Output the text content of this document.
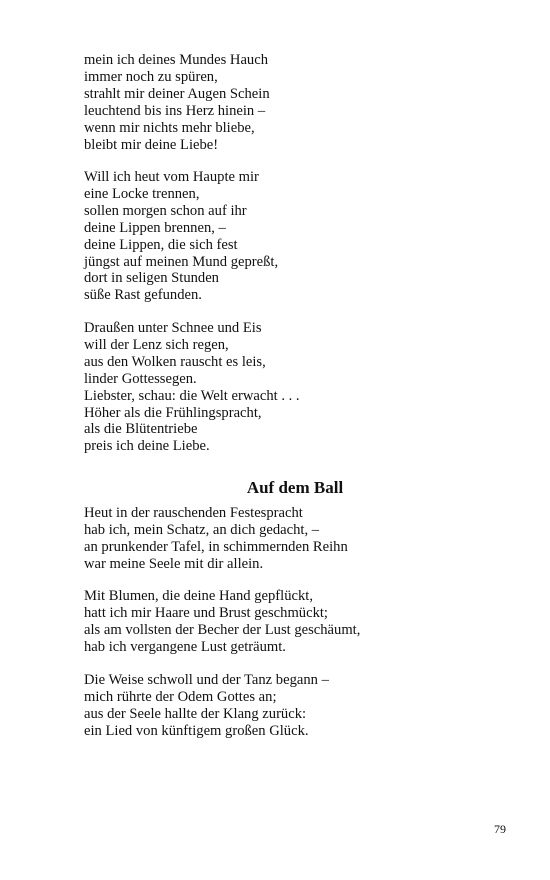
mein ich deines Mundes Hauch
immer noch zu spüren,
strahlt mir deiner Augen Schein
leuchtend bis ins Herz hinein –
wenn mir nichts mehr bliebe,
bleibt mir deine Liebe!
Will ich heut vom Haupte mir
eine Locke trennen,
sollen morgen schon auf ihr
deine Lippen brennen, –
deine Lippen, die sich fest
jüngst auf meinen Mund gepreßt,
dort in seligen Stunden
süße Rast gefunden.
Draußen unter Schnee und Eis
will der Lenz sich regen,
aus den Wolken rauscht es leis,
linder Gottessegen.
Liebster, schau: die Welt erwacht . . .
Höher als die Frühlingspracht,
als die Blütentriebe
preis ich deine Liebe.
Auf dem Ball
Heut in der rauschenden Festespracht
hab ich, mein Schatz, an dich gedacht, –
an prunkender Tafel, in schimmernden Reihn
war meine Seele mit dir allein.
Mit Blumen, die deine Hand gepflückt,
hatt ich mir Haare und Brust geschmückt;
als am vollsten der Becher der Lust geschäumt,
hab ich vergangene Lust geträumt.
Die Weise schwoll und der Tanz begann –
mich rührte der Odem Gottes an;
aus der Seele hallte der Klang zurück:
ein Lied von künftigem großen Glück.
79
